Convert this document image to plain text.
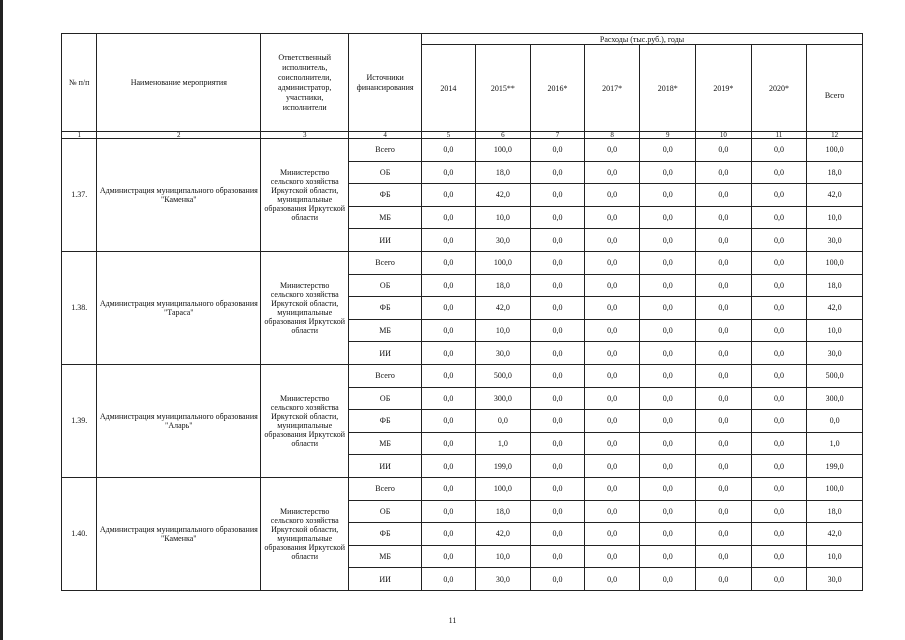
№ п/п	Наименование мероприятия	Ответственный исполнитель, соисполнители, администратор, участники, исполнители	Источники финансирования	Расходы (тыс.руб.), годы							
				2014	2015**	2016*	2017*	2018*	2019*	2020*	Всего
1	2	3	4	5	6	7	8	9	10	11	12
1.37.	Администрация муниципального образования "Каменка"	Министерство сельского хозяйства Иркутской области, муниципальные образования Иркутской области	Всего	0,0	100,0	0,0	0,0	0,0	0,0	0,0	100,0
			ОБ	0,0	18,0	0,0	0,0	0,0	0,0	0,0	18,0
			ФБ	0,0	42,0	0,0	0,0	0,0	0,0	0,0	42,0
			МБ	0,0	10,0	0,0	0,0	0,0	0,0	0,0	10,0
			ИИ	0,0	30,0	0,0	0,0	0,0	0,0	0,0	30,0
1.38.	Администрация муниципального образования "Тараса"	Министерство сельского хозяйства Иркутской области, муниципальные образования Иркутской области	Всего	0,0	100,0	0,0	0,0	0,0	0,0	0,0	100,0
			ОБ	0,0	18,0	0,0	0,0	0,0	0,0	0,0	18,0
			ФБ	0,0	42,0	0,0	0,0	0,0	0,0	0,0	42,0
			МБ	0,0	10,0	0,0	0,0	0,0	0,0	0,0	10,0
			ИИ	0,0	30,0	0,0	0,0	0,0	0,0	0,0	30,0
1.39.	Администрация муниципального образования "Аларь"	Министерство сельского хозяйства Иркутской области, муниципальные образования Иркутской области	Всего	0,0	500,0	0,0	0,0	0,0	0,0	0,0	500,0
			ОБ	0,0	300,0	0,0	0,0	0,0	0,0	0,0	300,0
			ФБ	0,0	0,0	0,0	0,0	0,0	0,0	0,0	0,0
			МБ	0,0	1,0	0,0	0,0	0,0	0,0	0,0	1,0
			ИИ	0,0	199,0	0,0	0,0	0,0	0,0	0,0	199,0
1.40.	Администрация муниципального образования "Каменка"	Министерство сельского хозяйства Иркутской области, муниципальные образования Иркутской области	Всего	0,0	100,0	0,0	0,0	0,0	0,0	0,0	100,0
			ОБ	0,0	18,0	0,0	0,0	0,0	0,0	0,0	18,0
			ФБ	0,0	42,0	0,0	0,0	0,0	0,0	0,0	42,0
			МБ	0,0	10,0	0,0	0,0	0,0	0,0	0,0	10,0
			ИИ	0,0	30,0	0,0	0,0	0,0	0,0	0,0	30,0
11
